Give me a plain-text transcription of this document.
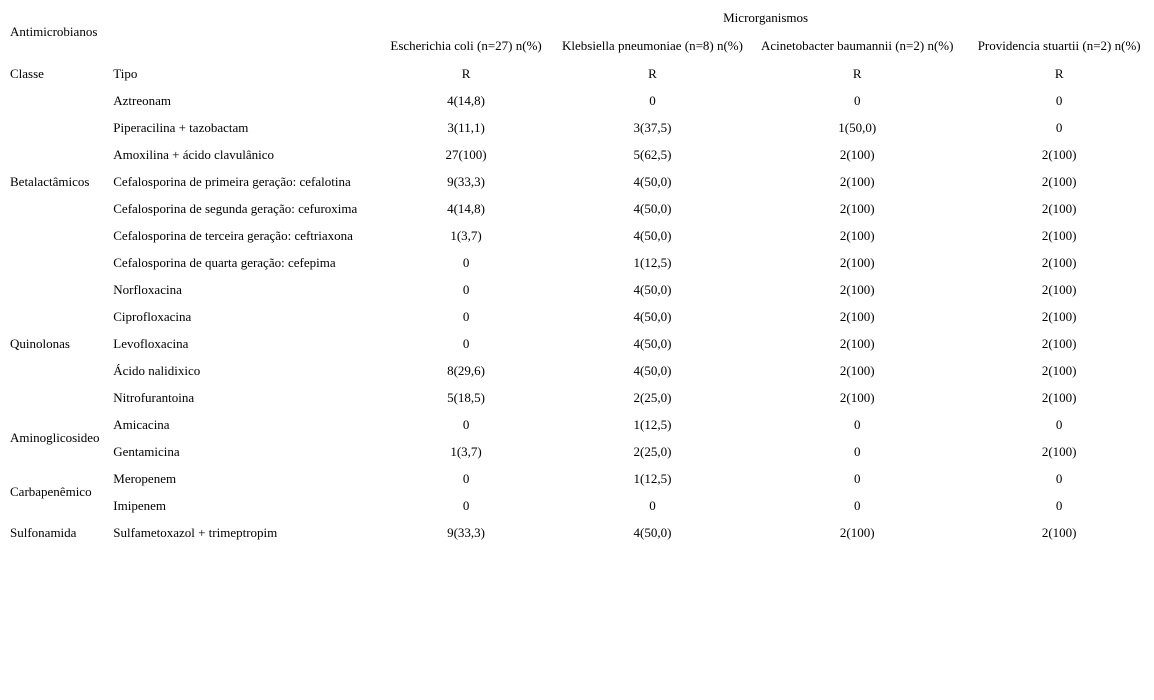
Antimicrobianos		Microrganismos			
		Escherichia coli (n=27) n(%)	Klebsiella pneumoniae (n=8) n(%)	Acinetobacter baumannii (n=2) n(%)	Providencia stuartii (n=2) n(%)
Classe	Tipo	R	R	R	R
Betalactâmicos	Aztreonam	4(14,8)	0	0	0
	Piperacilina + tazobactam	3(11,1)	3(37,5)	1(50,0)	0
	Amoxilina + ácido clavulânico	27(100)	5(62,5)	2(100)	2(100)
	Cefalosporina de primeira geração: cefalotina	9(33,3)	4(50,0)	2(100)	2(100)
	Cefalosporina de segunda geração: cefuroxima	4(14,8)	4(50,0)	2(100)	2(100)
	Cefalosporina de terceira geração: ceftriaxona	1(3,7)	4(50,0)	2(100)	2(100)
	Cefalosporina de quarta geração: cefepima	0	1(12,5)	2(100)	2(100)
Quinolonas	Norfloxacina	0	4(50,0)	2(100)	2(100)
	Ciprofloxacina	0	4(50,0)	2(100)	2(100)
	Levofloxacina	0	4(50,0)	2(100)	2(100)
	Ácido nalidixico	8(29,6)	4(50,0)	2(100)	2(100)
	Nitrofurantoina	5(18,5)	2(25,0)	2(100)	2(100)
Aminoglicosideo	Amicacina	0	1(12,5)	0	0
	Gentamicina	1(3,7)	2(25,0)	0	2(100)
Carbapenêmico	Meropenem	0	1(12,5)	0	0
	Imipenem	0	0	0	0
Sulfonamida	Sulfametoxazol + trimeptropim	9(33,3)	4(50,0)	2(100)	2(100)
